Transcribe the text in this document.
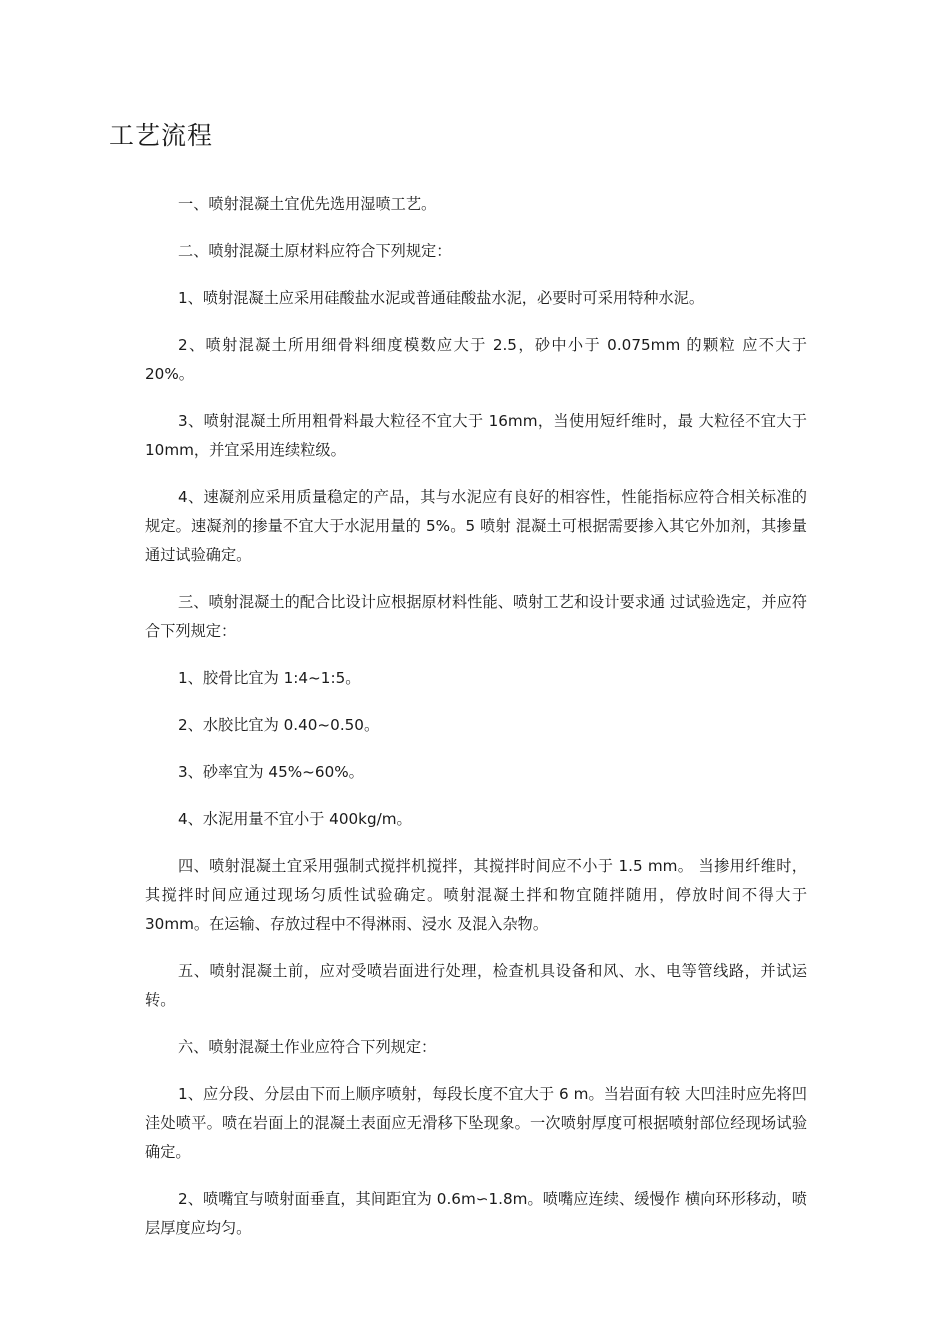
工艺流程

一、喷射混凝土宜优先选用湿喷工艺。

二、喷射混凝土原材料应符合下列规定：

1、喷射混凝土应采用硅酸盐水泥或普通硅酸盐水泥，必要时可采用特种水泥。

2、喷射混凝土所用细骨料细度模数应大于 2.5，砂中小于 0.075mm 的颗粒 应不大于 20%。

3、喷射混凝土所用粗骨料最大粒径不宜大于 16mm，当使用短纤维时，最 大粒径不宜大于 10mm，并宜采用连续粒级。

4、速凝剂应采用质量稳定的产品，其与水泥应有良好的相容性，性能指标应符合相关标准的规定。速凝剂的掺量不宜大于水泥用量的 5%。5 喷射 混凝土可根据需要掺入其它外加剂，其掺量通过试验确定。

三、喷射混凝土的配合比设计应根据原材料性能、喷射工艺和设计要求通 过试验选定，并应符合下列规定：

1、胶骨比宜为 1:4~1:5。

2、水胶比宜为 0.40~0.50。

3、砂率宜为 45%~60%。

4、水泥用量不宜小于 400kg/m。

四、喷射混凝土宜采用强制式搅拌机搅拌，其搅拌时间应不小于 1.5 mm。 当掺用纤维时，其搅拌时间应通过现场匀质性试验确定。喷射混凝土拌和物宜随拌随用，停放时间不得大于 30mm。在运输、存放过程中不得淋雨、浸水 及混入杂物。

五、喷射混凝土前，应对受喷岩面进行处理，检查机具设备和风、水、电等管线路，并试运转。

六、喷射混凝土作业应符合下列规定：

1、应分段、分层由下而上顺序喷射，每段长度不宜大于 6 m。当岩面有较 大凹洼时应先将凹洼处喷平。喷在岩面上的混凝土表面应无滑移下坠现象。一次喷射厚度可根据喷射部位经现场试验确定。

2、喷嘴宜与喷射面垂直，其间距宜为 0.6m∽1.8m。喷嘴应连续、缓慢作 横向环形移动，喷层厚度应均匀。
